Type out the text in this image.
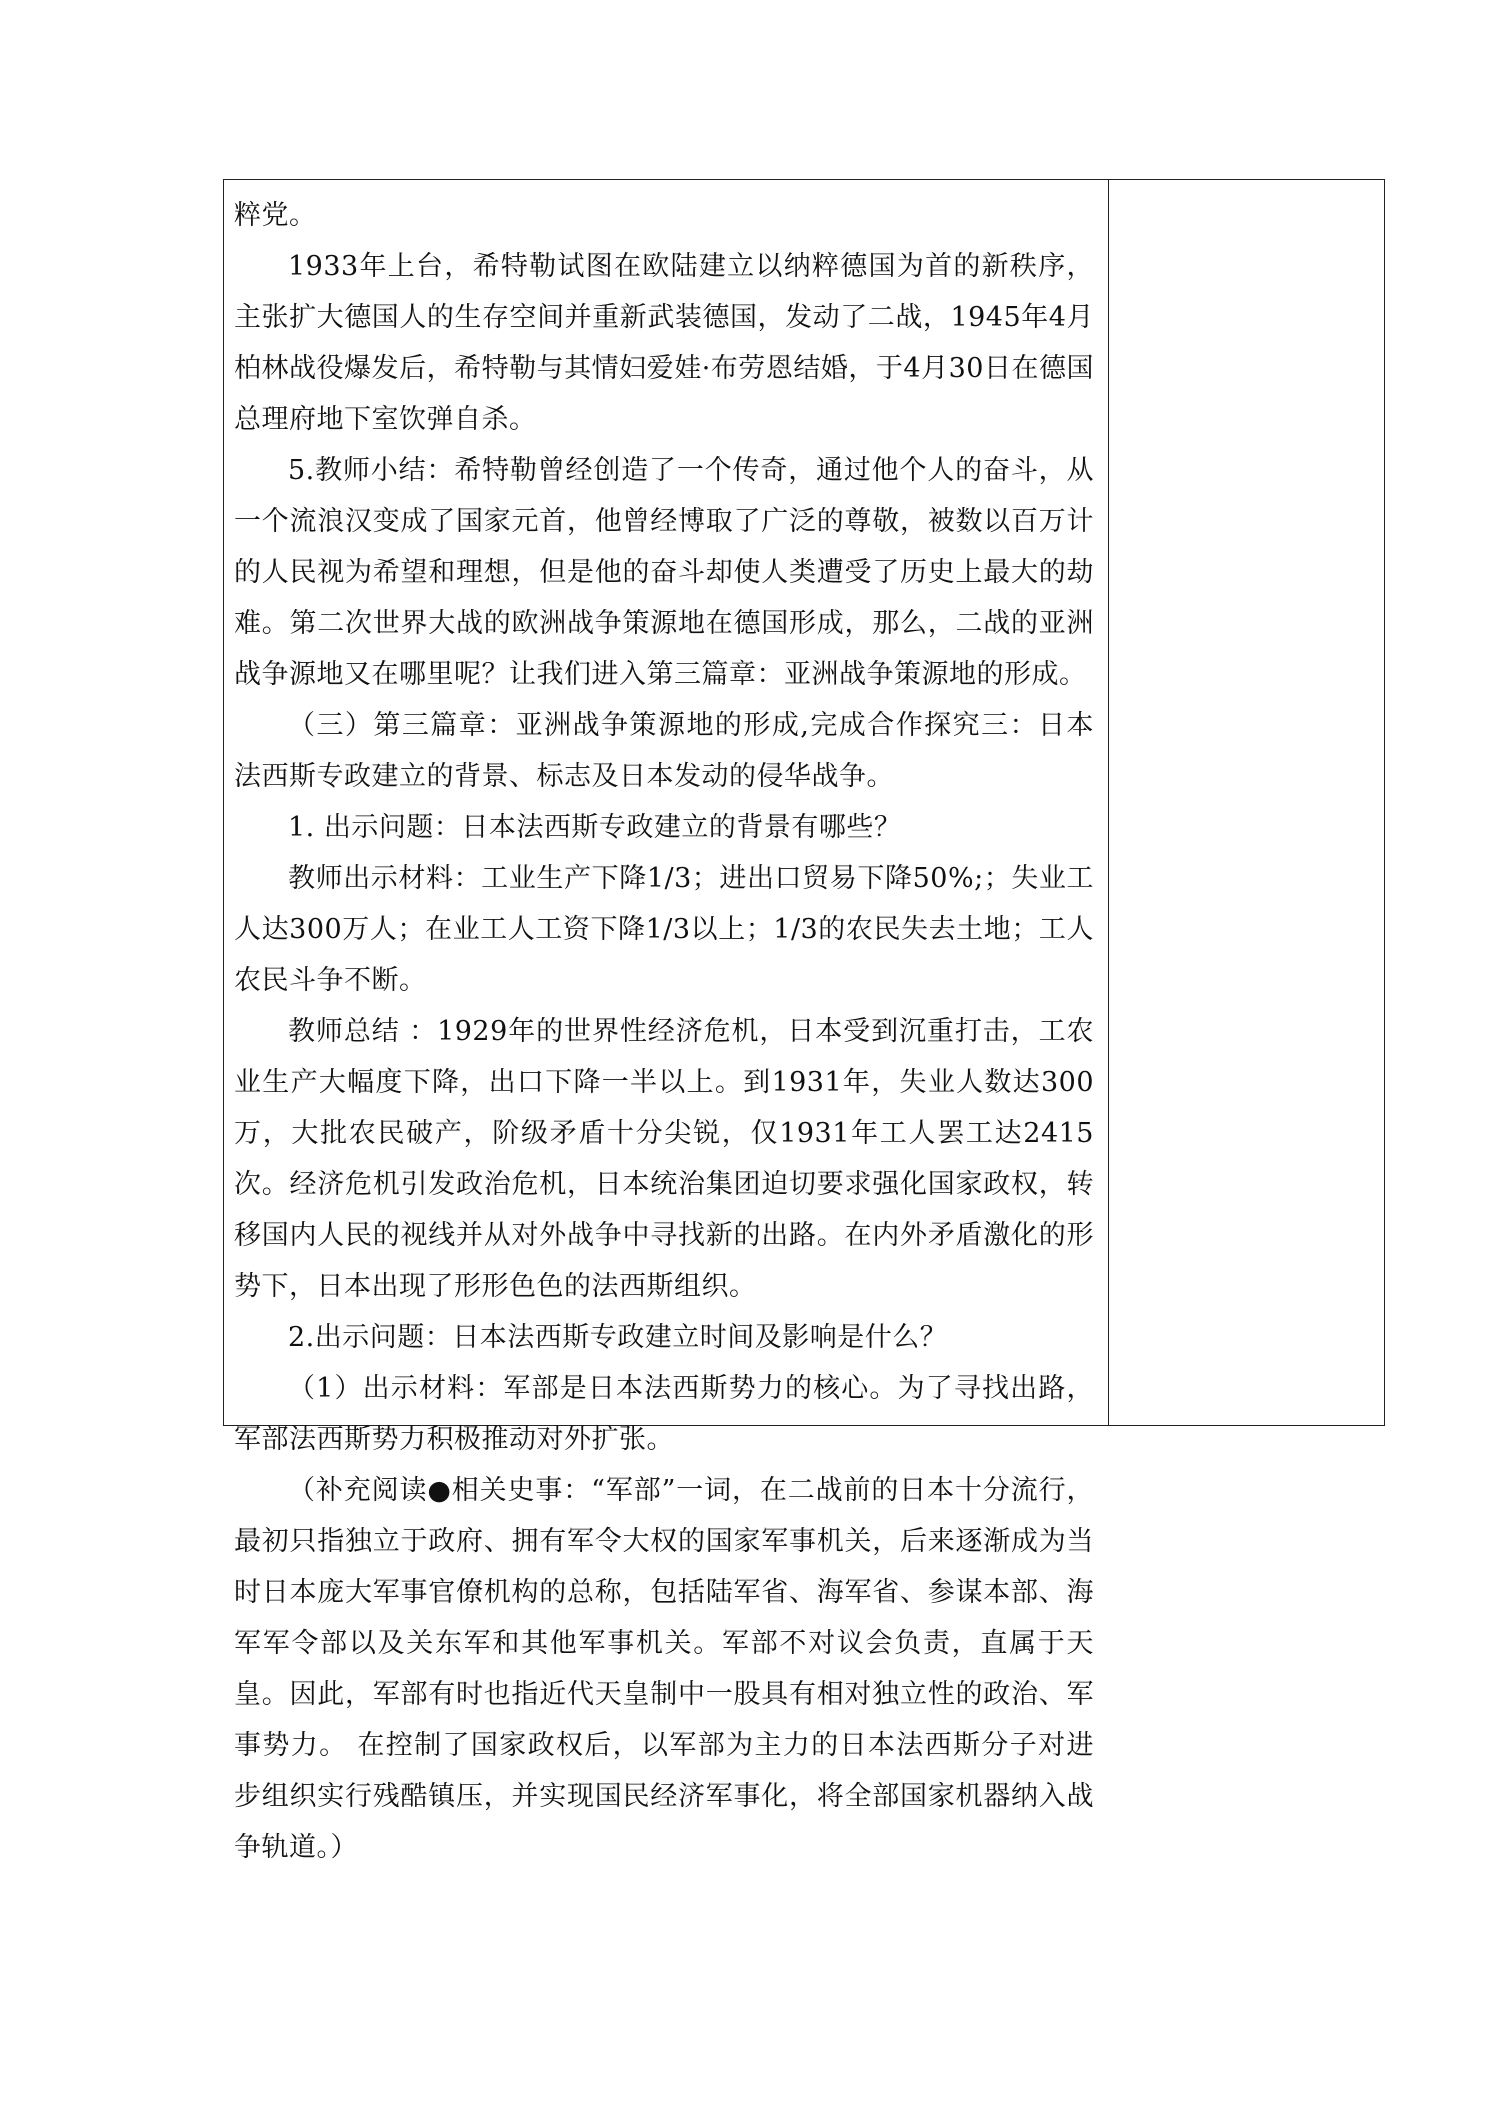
粹党。

1933年上台，希特勒试图在欧陆建立以纳粹德国为首的新秩序，主张扩大德国人的生存空间并重新武装德国，发动了二战，1945年4月柏林战役爆发后，希特勒与其情妇爱娃·布劳恩结婚，于4月30日在德国总理府地下室饮弹自杀。

5.教师小结：希特勒曾经创造了一个传奇，通过他个人的奋斗，从一个流浪汉变成了国家元首，他曾经博取了广泛的尊敬，被数以百万计的人民视为希望和理想，但是他的奋斗却使人类遭受了历史上最大的劫难。第二次世界大战的欧洲战争策源地在德国形成，那么，二战的亚洲战争源地又在哪里呢？让我们进入第三篇章：亚洲战争策源地的形成。

（三）第三篇章：亚洲战争策源地的形成,完成合作探究三：日本法西斯专政建立的背景、标志及日本发动的侵华战争。

1. 出示问题：日本法西斯专政建立的背景有哪些？

教师出示材料：工业生产下降1/3；进出口贸易下降50%;；失业工人达300万人；在业工人工资下降1/3以上；1/3的农民失去土地；工人农民斗争不断。

教师总结 ：1929年的世界性经济危机，日本受到沉重打击，工农业生产大幅度下降，出口下降一半以上。到1931年，失业人数达300万，大批农民破产，阶级矛盾十分尖锐，仅1931年工人罢工达2415次。经济危机引发政治危机，日本统治集团迫切要求强化国家政权，转移国内人民的视线并从对外战争中寻找新的出路。在内外矛盾激化的形势下，日本出现了形形色色的法西斯组织。

2.出示问题：日本法西斯专政建立时间及影响是什么？

（1）出示材料：军部是日本法西斯势力的核心。为了寻找出路，军部法西斯势力积极推动对外扩张。

（补充阅读●相关史事：“军部”一词，在二战前的日本十分流行，最初只指独立于政府、拥有军令大权的国家军事机关，后来逐渐成为当时日本庞大军事官僚机构的总称，包括陆军省、海军省、参谋本部、海军军令部以及关东军和其他军事机关。军部不对议会负责，直属于天皇。因此，军部有时也指近代天皇制中一股具有相对独立性的政治、军事势力。 在控制了国家政权后，以军部为主力的日本法西斯分子对进步组织实行残酷镇压，并实现国民经济军事化，将全部国家机器纳入战争轨道。）
